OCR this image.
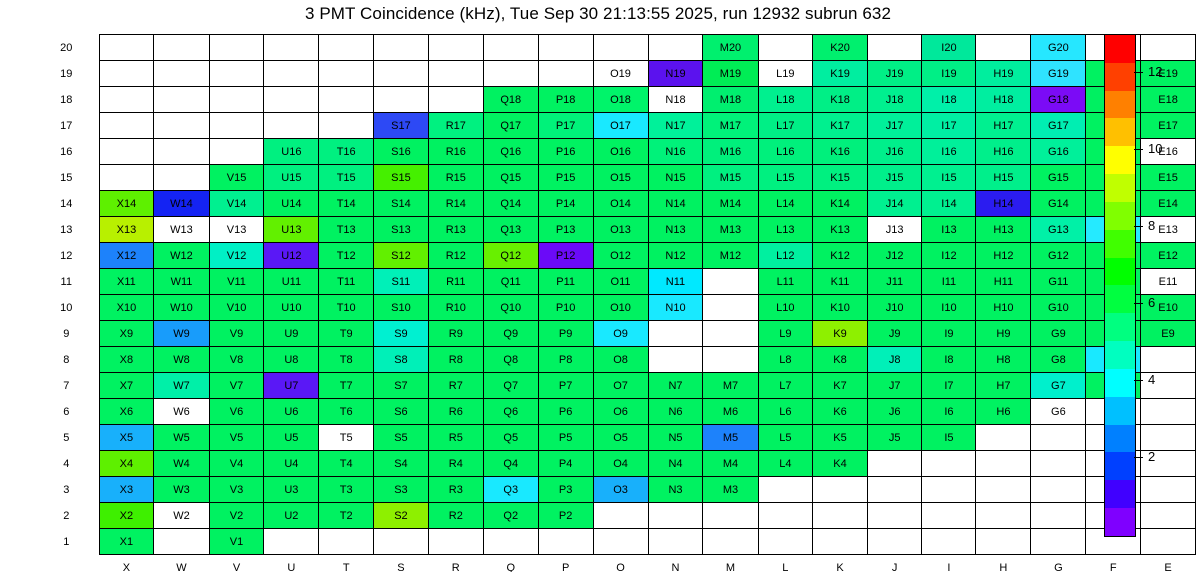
3 PMT Coincidence (kHz), Tue Sep 30 21:13:55 2025, run 12932 subrun 632
20												M20		K20		I20		G20		
19										O19	N19	M19	L19	K19	J19	I19	H19	G19		E19
18								Q18	P18	O18	N18	M18	L18	K18	J18	I18	H18	G18		E18
17						S17	R17	Q17	P17	O17	N17	M17	L17	K17	J17	I17	H17	G17		E17
16				U16	T16	S16	R16	Q16	P16	O16	N16	M16	L16	K16	J16	I16	H16	G16		E16
15			V15	U15	T15	S15	R15	Q15	P15	O15	N15	M15	L15	K15	J15	I15	H15	G15		E15
14	X14	W14	V14	U14	T14	S14	R14	Q14	P14	O14	N14	M14	L14	K14	J14	I14	H14	G14		E14
13	X13	W13	V13	U13	T13	S13	R13	Q13	P13	O13	N13	M13	L13	K13	J13	I13	H13	G13		E13
12	X12	W12	V12	U12	T12	S12	R12	Q12	P12	O12	N12	M12	L12	K12	J12	I12	H12	G12		E12
11	X11	W11	V11	U11	T11	S11	R11	Q11	P11	O11	N11		L11	K11	J11	I11	H11	G11		E11
10	X10	W10	V10	U10	T10	S10	R10	Q10	P10	O10	N10		L10	K10	J10	I10	H10	G10		E10
9	X9	W9	V9	U9	T9	S9	R9	Q9	P9	O9			L9	K9	J9	I9	H9	G9		E9
8	X8	W8	V8	U8	T8	S8	R8	Q8	P8	O8			L8	K8	J8	I8	H8	G8		
7	X7	W7	V7	U7	T7	S7	R7	Q7	P7	O7	N7	M7	L7	K7	J7	I7	H7	G7		
6	X6	W6	V6	U6	T6	S6	R6	Q6	P6	O6	N6	M6	L6	K6	J6	I6	H6	G6		
5	X5	W5	V5	U5	T5	S5	R5	Q5	P5	O5	N5	M5	L5	K5	J5	I5				
4	X4	W4	V4	U4	T4	S4	R4	Q4	P4	O4	N4	M4	L4	K4						
3	X3	W3	V3	U3	T3	S3	R3	Q3	P3	O3	N3	M3								
2	X2	W2	V2	U2	T2	S2	R2	Q2	P2											
1	X1		V1																	
	X	W	V	U	T	S	R	Q	P	O	N	M	L	K	J	I	H	G	F	E
2
4
6
8
10
12
